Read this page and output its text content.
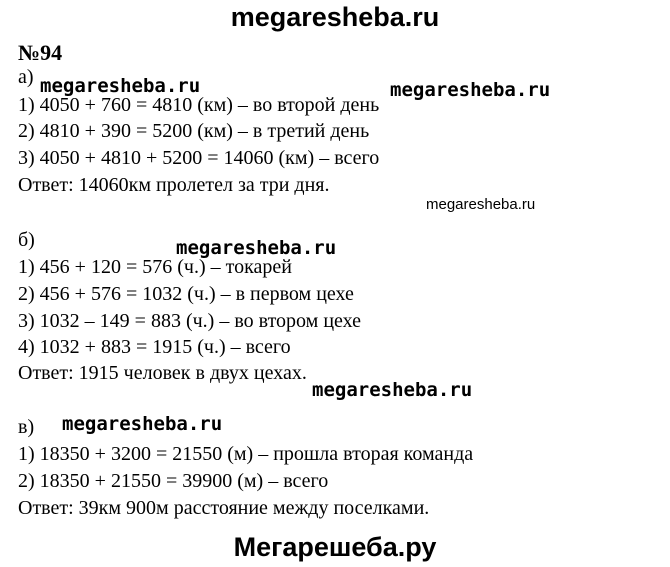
megaresheba.ru
№94
а)
1) 4050 + 760 = 4810 (км) – во второй день
2) 4810 + 390 = 5200 (км) – в третий день
3) 4050 + 4810 + 5200 = 14060 (км) – всего
Ответ: 14060км пролетел за три дня.
б)
1) 456 + 120 = 576 (ч.) – токарей
2) 456 + 576 = 1032 (ч.) – в первом цехе
3) 1032 – 149 = 883 (ч.) – во втором цехе
4) 1032 + 883 = 1915 (ч.) – всего
Ответ: 1915 человек в двух цехах.
в)
1) 18350 + 3200 = 21550 (м) – прошла вторая команда
2) 18350 + 21550 = 39900 (м) – всего
Ответ: 39км 900м расстояние между поселками.
megaresheba.ru	megaresheba.ru
megaresheba.ru
megaresheba.ru
megaresheba.ru
megaresheba.ru
Мегарешеба.ру
